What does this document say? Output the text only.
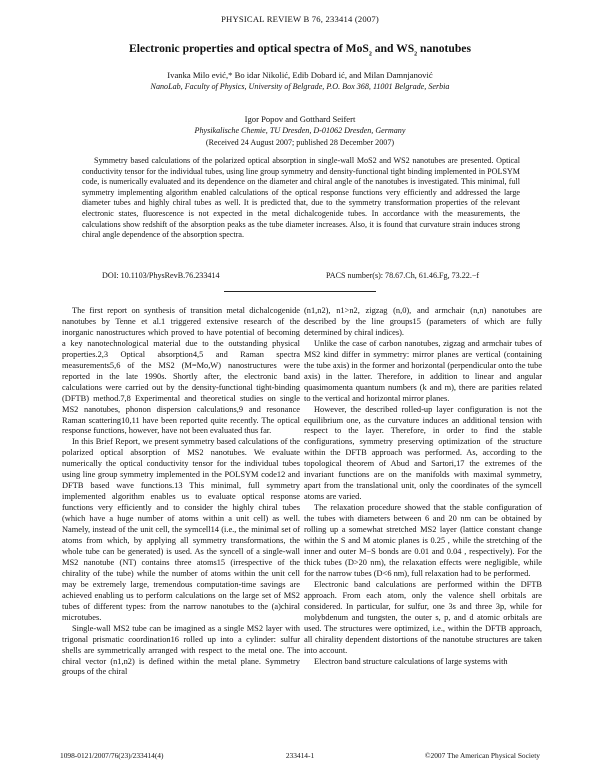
PHYSICAL REVIEW B 76, 233414 (2007)
Electronic properties and optical spectra of MoS$_2$ and $WS_2$ nanotubes
Ivanka Milo ević,* Bo idar Nikolić, Edib Dobard ić, and Milan Damnjanović
NanoLab, Faculty of Physics, University of Belgrade, P.O. Box 368, 11001 Belgrade, Serbia
Igor Popov and Gotthard Seifert
Physikalische Chemie, TU Dresden, D-01062 Dresden, Germany
(Received 24 August 2007; published 28 December 2007)

Symmetry based calculations of the polarized optical absorption in single-wall MoS2 and WS2 nanotubes are presented. Optical conductivity tensor for the individual tubes, using line group symmetry and density-functional tight binding implemented in POLSYM code, is numerically evaluated and its dependence on the diameter and chiral angle of the nanotubes is investigated. This minimal, full symmetry implementing algorithm enabled calculations of the optical response functions very efficiently and addressed the large diameter tubes and highly chiral tubes as well. It is predicted that, due to the symmetry transformation properties of the relevant electronic states, fluorescence is not expected in the metal dichalcogenide tubes. In accordance with the measurements, the calculations show redshift of the absorption peaks as the tube diameter increases. Also, it is found that curvature strain induces strong chiral angle dependence of the absorption spectra.

DOI: 10.1103/PhysRevB.76.233414	PACS number(s): 78.67.Ch, 61.46.Fg, 73.22.−f

The first report on synthesis of transition metal dichalcogenide nanotubes by Tenne et al.1 triggered extensive research of the inorganic nanostructures which proved to have potential of becoming a key nanotechnological material due to the outstanding physical properties.2,3 Optical absorption4,5 and Raman spectra measurements5,6 of the MS2 (M=Mo,W) nanostructures were reported in the late 1990s. Shortly after, the electronic band calculations were carried out by the density-functional tight-binding (DFTB) method.7,8 Experimental and theoretical studies on single MS2 nanotubes, phonon dispersion calculations,9 and resonance Raman scattering10,11 have been reported quite recently. The optical response functions, however, have not been evaluated thus far.

In this Brief Report, we present symmetry based calculations of the polarized optical absorption of MS2 nanotubes. We evaluate numerically the optical conductivity tensor for the individual tubes using line group symmetry implemented in the POLSYM code12 and DFTB based wave functions.13 This minimal, full symmetry implemented algorithm enables us to evaluate optical response functions very efficiently and to consider the highly chiral tubes (which have a huge number of atoms within a unit cell) as well. Namely, instead of the unit cell, the symcell14 (i.e., the minimal set of atoms from which, by applying all symmetry transformations, the whole tube can be generated) is used. As the syncell of a single-wall MS2 nanotube (NT) contains three atoms15 (irrespective of the chirality of the tube) while the number of atoms within the unit cell may be extremely large, tremendous computation-time savings are achieved enabling us to perform calculations on the large set of MS2 tubes of different types: from the narrow nanotubes to the (a)chiral microtubes.

Single-wall MS2 tube can be imagined as a single MS2 layer with trigonal prismatic coordination16 rolled up into a cylinder: sulfur shells are symmetrically arranged with respect to the metal one. The chiral vector (n1,n2) is defined within the metal plane. Symmetry groups of the chiral

(n1,n2), n1>n2, zigzag (n,0), and armchair (n,n) nanotubes are described by the line groups15 (parameters of which are fully determined by chiral indices).

Unlike the case of carbon nanotubes, zigzag and armchair tubes of MS2 kind differ in symmetry: mirror planes are vertical (containing the tube axis) in the former and horizontal (perpendicular onto the tube axis) in the latter. Therefore, in addition to linear and angular quasimomenta quantum numbers (k and m), there are parities related to the vertical and horizontal mirror planes.

However, the described rolled-up layer configuration is not the equilibrium one, as the curvature induces an additional tension with respect to the layer. Therefore, in order to find the stable configurations, symmetry preserving optimization of the structure within the DFTB approach was performed. As, according to the topological theorem of Abud and Sartori,17 the extremes of the invariant functions are on the manifolds with maximal symmetry, apart from the translational unit, only the coordinates of the symcell atoms are varied.

The relaxation procedure showed that the stable configuration of the tubes with diameters between 6 and 20 nm can be obtained by rolling up a somewhat stretched MS2 layer (lattice constant change within the S and M atomic planes is 0.25 , while the stretching of the inner and outer M−S bonds are 0.01 and 0.04 , respectively). For the thick tubes (D>20 nm), the relaxation effects were negligible, while for the narrow tubes (D<6 nm), full relaxation had to be performed.

Electronic band calculations are performed within the DFTB approach. From each atom, only the valence shell orbitals are considered. In particular, for sulfur, one 3s and three 3p, while for molybdenum and tungsten, the outer s, p, and d atomic orbitals are used. The structures were optimized, i.e., within the DFTB approach, all chirality dependent distortions of the nanotube structures are taken into account.

Electron band structure calculations of large systems with

1098-0121/2007/76(23)/233414(4)	233414-1	©2007 The American Physical Society
